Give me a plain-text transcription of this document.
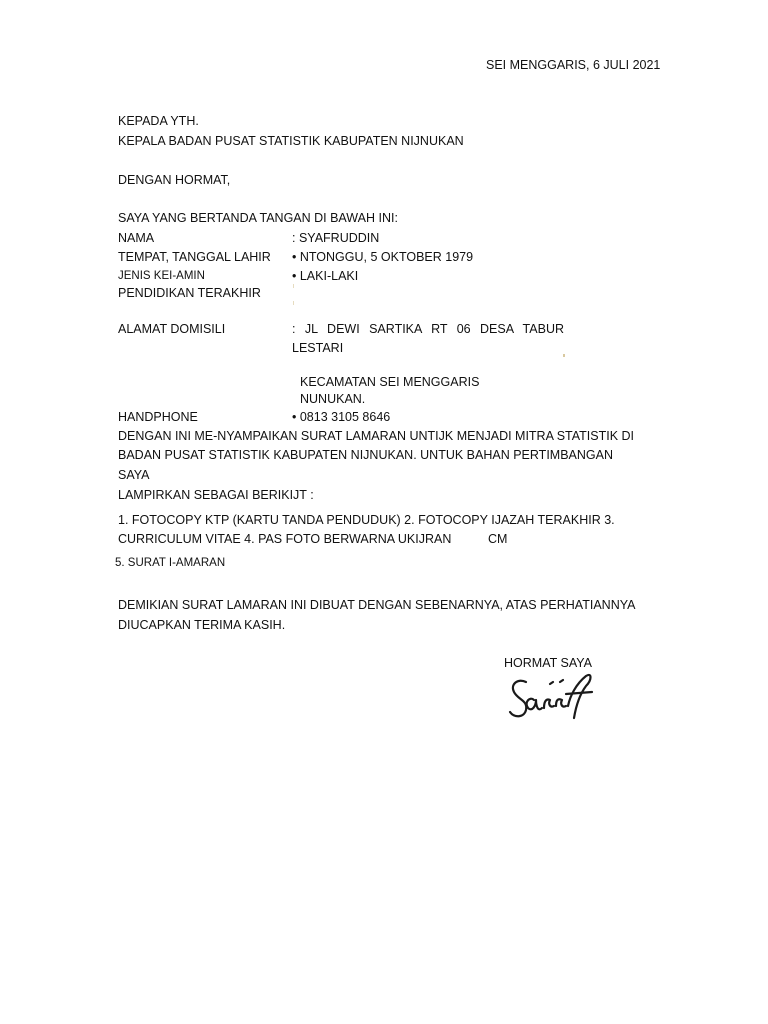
SEI MENGGARIS, 6 JULI 2021
KEPADA YTH.
KEPALA BADAN PUSAT STATISTIK KABUPATEN NIJNUKAN
DENGAN HORMAT,
SAYA YANG BERTANDA TANGAN DI BAWAH INI:
NAMA	: SYAFRUDDIN
TEMPAT, TANGGAL LAHIR • NTONGGU, 5 OKTOBER 1979
JENIS KEI-AMIN	• LAKI-LAKI
PENDIDIKAN TERAKHIR
ALAMAT DOMISILI	: JL DEWI SARTIKA RT 06 DESA TABUR
LESTARI
KECAMATAN SEI MENGGARIS
NUNUKAN.
HANDPHONE	• 0813 3105 8646
DENGAN INI ME-NYAMPAIKAN SURAT LAMARAN UNTIJK MENJADI MITRA STATISTIK DI
BADAN PUSAT STATISTIK KABUPATEN NIJNUKAN. UNTUK BAHAN PERTIMBANGAN
SAYA
LAMPIRKAN SEBAGAI BERIKIJT :
1. FOTOCOPY KTP (KARTU TANDA PENDUDUK) 2. FOTOCOPY IJAZAH TERAKHIR 3.
CURRICULUM VITAE 4. PAS FOTO BERWARNA UKIJRAN	CM
5. SURAT I-AMARAN
DEMIKIAN SURAT LAMARAN INI DIBUAT DENGAN SEBENARNYA, ATAS PERHATIANNYA
DIUCAPKAN TERIMA KASIH.
HORMAT SAYA
